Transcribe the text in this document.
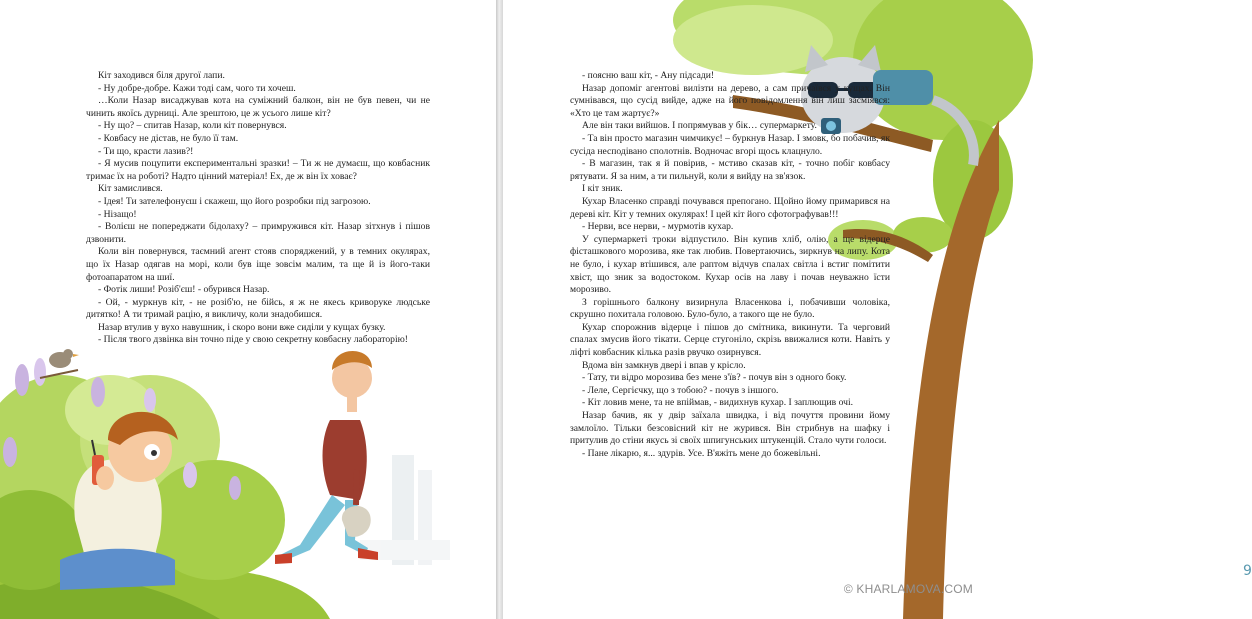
Кіт заходився біля другої лапи.

- Ну добре-добре. Кажи тоді сам, чого ти хочеш.

…Коли Назар висаджував кота на суміжний балкон, він не був певен, чи не чинить якоїсь дурниці. Але зрештою, це ж усього лише кіт?

- Ну що? – спитав Назар, коли кіт повернувся.

- Ковбасу не дістав, не було її там.

- Ти що, красти лазив?!

- Я мусив поцупити експериментальні зразки! – Ти ж не думаєш, що ковбасник тримає їх на роботі? Надто цінний матеріал! Ех, де ж він їх ховає?

Кіт замислився.

- Ідея! Ти зателефонуєш і скажеш, що його розробки під загрозою.

- Нізащо!

- Волієш не попереджати бідолаху? – примружився кіт. Назар зітхнув і пішов дзвонити.

Коли він повернувся, таємний агент стояв споряджений, у в темних окулярах, що їх Назар одягав на морі, коли був іще зовсім малим, та ще й із його-таки фотоапаратом на шиї.

- Фотік лиши! Розіб'єш! - обурився Назар.

- Ой, - муркнув кіт, - не розіб'ю, не бійсь, я ж не якесь криворуке людське дитятко! А ти тримай рацію, я викличу, коли знадобишся.

Назар втулив у вухо навушник, і скоро вони вже сиділи у кущах бузку.

- Після твого дзвінка він точно піде у свою секретну ковбасну лабораторію!

9

- поясню ваш кіт, - Ану підсади!

Назар допоміг агентові вилізти на дерево, а сам причаївся у кущах. Він сумнівався, що сусід вийде, адже на його повідомлення він лиш засміявся: «Хто це там жартує?»

Але він таки вийшов. І попрямував у бік… супермаркету.

- Та він просто магазин чимчикує! – буркнув Назар. І змовк, бо побачив, як сусіда несподівано сполотнів. Водночас вгорі щось клацнуло.

- В магазин, так я й повірив, - мстиво сказав кіт, - точно побіг ковбасу рятувати. Я за ним, а ти пильнуй, коли я вийду на зв'язок.

І кіт зник.

Кухар Власенко справді почувався препогано. Щойно йому примарився на дереві кіт. Кіт у темних окулярах! І цей кіт його сфотографував!!!

- Нерви, все нерви, - мурмотів кухар.

У супермаркеті троки відпустило. Він купив хліб, олію, а ще відерце фісташкового морозива, яке так любив. Повертаючись, зиркнув на липу. Кота не було, і кухар втішився, але раптом відчув спалах світла і встиг помітити хвіст, що зник за водостоком. Кухар осів на лаву і почав неуважно їсти морозиво.

З горішнього балкону визирнула Власенкова і, побачивши чоловіка, скрушно похитала головою. Було-було, а такого ще не було.

Кухар спорожнив відерце і пішов до смітника, викинути. Та черговий спалах змусив його тікати. Серце стугоніло, скрізь ввижалися коти. Навіть у ліфті ковбасник кілька разів рвучко озирнувся.

Вдома він замкнув двері і впав у крісло.

- Тату, ти відро морозива без мене з'їв? - почув він з одного боку.

- Леле, Сергієчку, що з тобою? - почув з іншого.

- Кіт ловив мене, та не впіймав, - видихнув кухар. І заплющив очі.

Назар бачив, як у двір заїхала швидка, і від почуття провини йому замлоїло. Тільки безсовісний кіт не журився. Він стрибнув на шафку і притулив до стіни якусь зі своїх шпигунських штукенцій. Стало чути голоси.

- Пане лікарю, я... здурів. Усе. В'яжіть мене до божевільні.

© KHARLAMOVA.COM
